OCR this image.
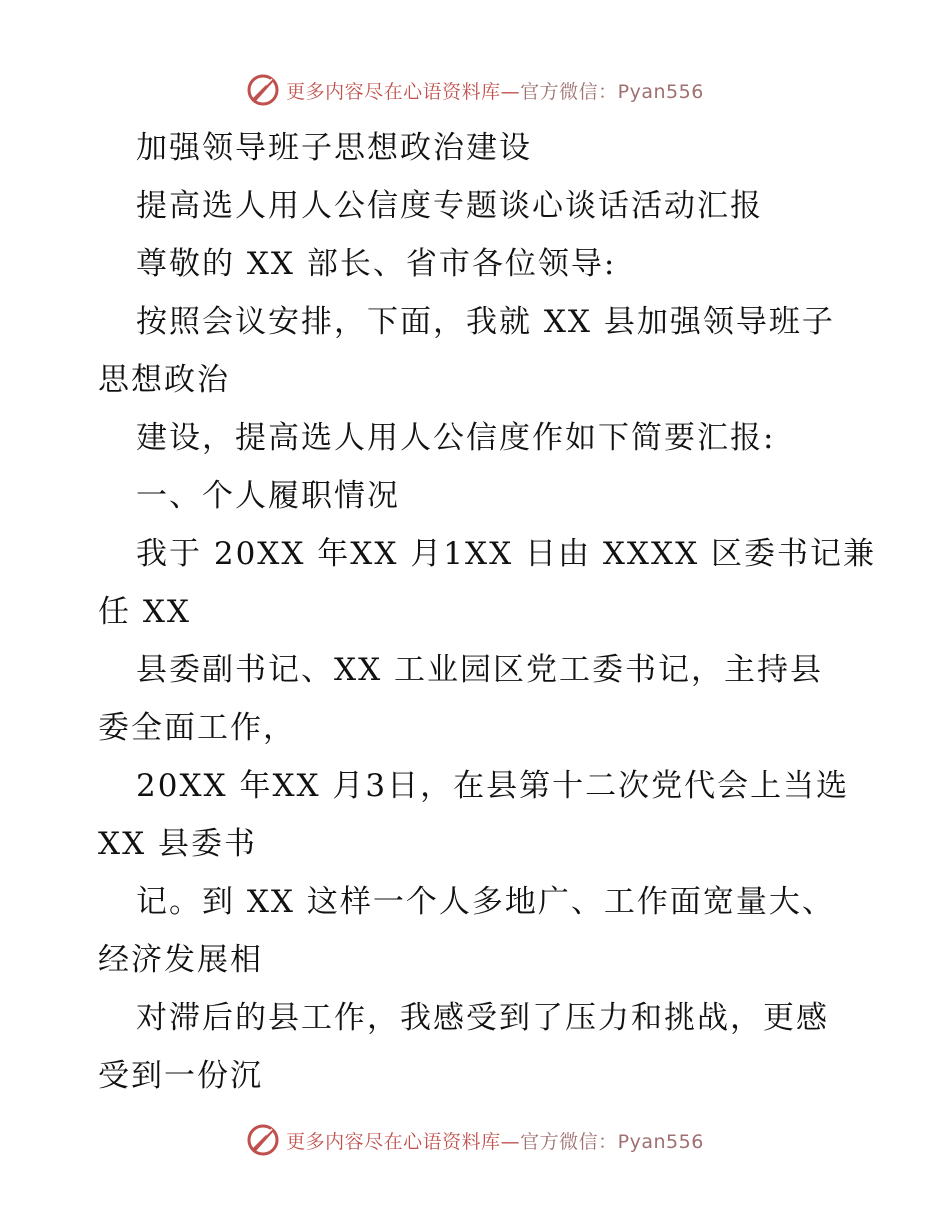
更多内容尽在心语资料库—官方微信：Pyan556
加强领导班子思想政治建设
提高选人用人公信度专题谈心谈话活动汇报
尊敬的 XX 部长、省市各位领导:
按照会议安排，下面，我就 XX 县加强领导班子
思想政治
建设，提高选人用人公信度作如下简要汇报:
一、个人履职情况
我于 20XX 年XX 月1XX 日由 XXXX 区委书记兼
任 XX
县委副书记、XX 工业园区党工委书记，主持县
委全面工作，
20XX 年XX 月3日，在县第十二次党代会上当选
XX 县委书
记。到 XX 这样一个人多地广、工作面宽量大、
经济发展相
对滞后的县工作，我感受到了压力和挑战，更感
受到一份沉
更多内容尽在心语资料库—官方微信：Pyan556
